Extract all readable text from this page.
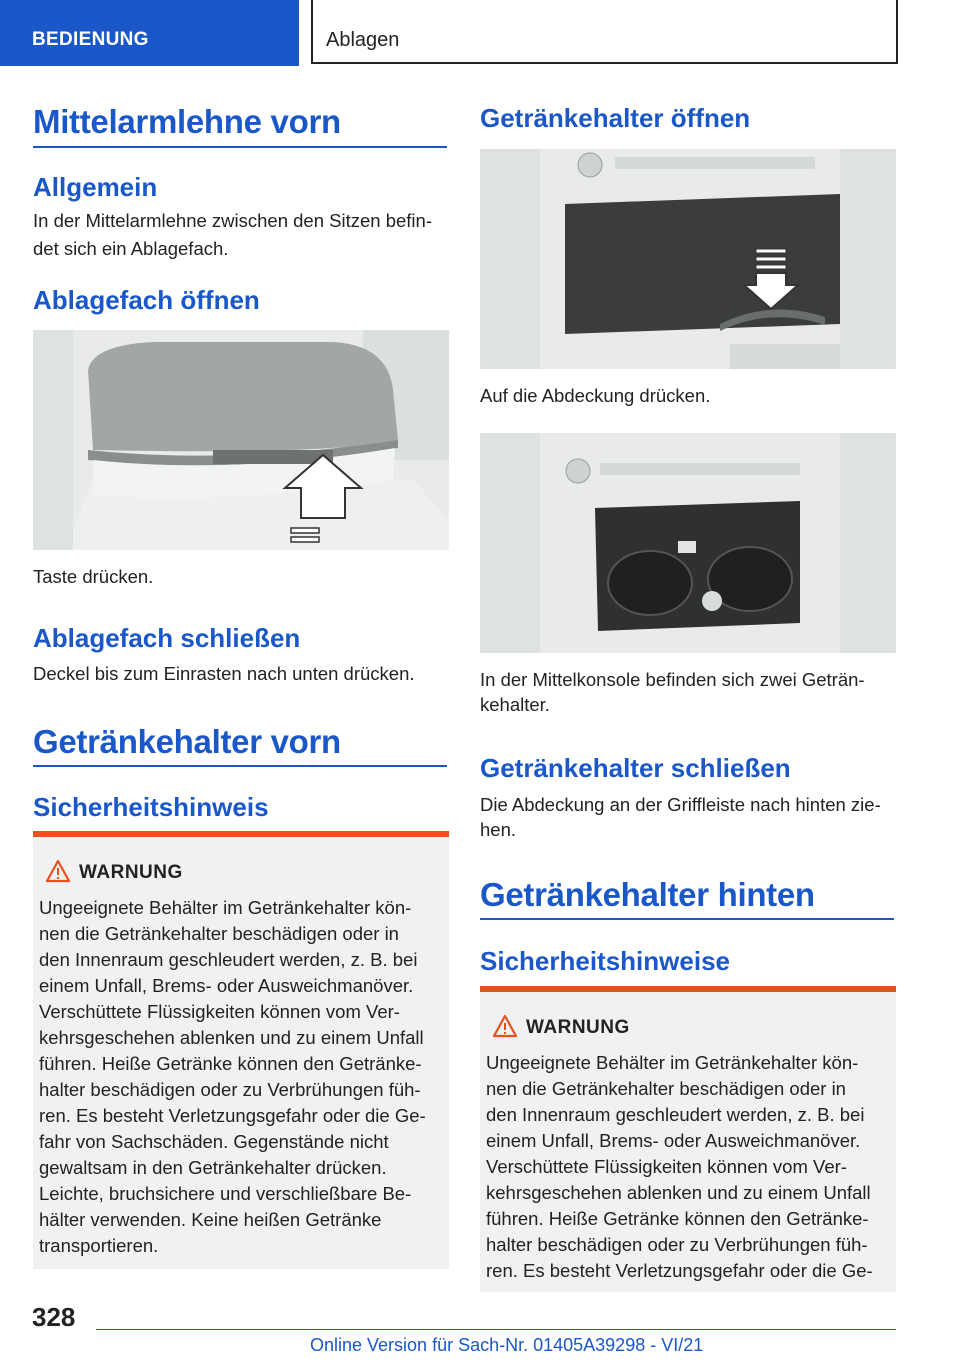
BEDIENUNG	Ablagen
Mittelarmlehne vorn
Allgemein
In der Mittelarmlehne zwischen den Sitzen befin-
det sich ein Ablagefach.
Ablagefach öffnen
Taste drücken.
Ablagefach schließen
Deckel bis zum Einrasten nach unten drücken.
Getränkehalter vorn
Sicherheitshinweis
WARNUNG
Ungeeignete Behälter im Getränkehalter kön-
nen die Getränkehalter beschädigen oder in
den Innenraum geschleudert werden, z. B. bei
einem Unfall, Brems- oder Ausweichmanöver.
Verschüttete Flüssigkeiten können vom Ver-
kehrsgeschehen ablenken und zu einem Unfall
führen. Heiße Getränke können den Getränke-
halter beschädigen oder zu Verbrühungen füh-
ren. Es besteht Verletzungsgefahr oder die Ge-
fahr von Sachschäden. Gegenstände nicht
gewaltsam in den Getränkehalter drücken.
Leichte, bruchsichere und verschließbare Be-
hälter verwenden. Keine heißen Getränke
transportieren.
Getränkehalter öffnen
Auf die Abdeckung drücken.
In der Mittelkonsole befinden sich zwei Geträn-
kehalter.
Getränkehalter schließen
Die Abdeckung an der Griffleiste nach hinten zie-
hen.
Getränkehalter hinten
Sicherheitshinweise
WARNUNG
Ungeeignete Behälter im Getränkehalter kön-
nen die Getränkehalter beschädigen oder in
den Innenraum geschleudert werden, z. B. bei
einem Unfall, Brems- oder Ausweichmanöver.
Verschüttete Flüssigkeiten können vom Ver-
kehrsgeschehen ablenken und zu einem Unfall
führen. Heiße Getränke können den Getränke-
halter beschädigen oder zu Verbrühungen füh-
ren. Es besteht Verletzungsgefahr oder die Ge-
328
Online Version für Sach-Nr. 01405A39298 - VI/21
